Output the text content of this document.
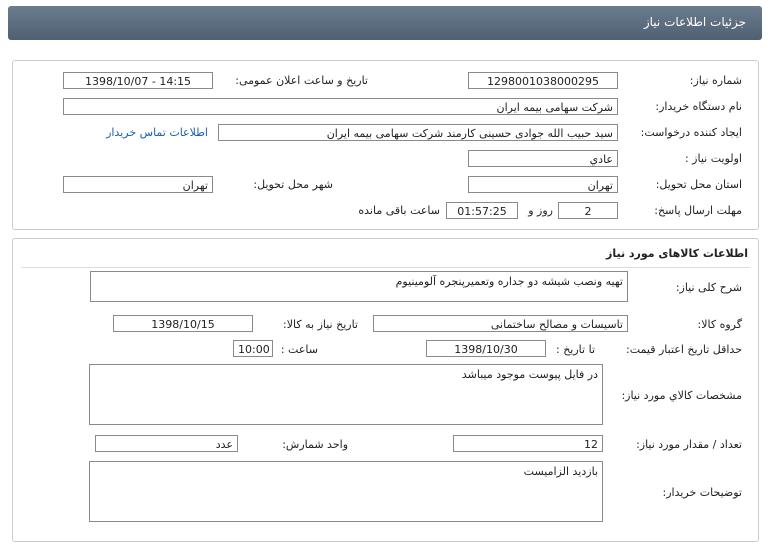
جزئیات اطلاعات نیاز
شماره نیاز:
1298001038000295
تاریخ و ساعت اعلان عمومی:
1398/10/07 - 14:15
نام دستگاه خریدار:
شرکت سهامی بیمه ایران
ایجاد کننده درخواست:
سید حبیب الله جوادی حسینی کارمند شرکت سهامی بیمه ایران
اطلاعات تماس خریدار
اولویت نیاز :
عادي
استان محل تحویل:
تهران
شهر محل تحویل:
تهران
مهلت ارسال پاسخ:
2
روز و
01:57:25
ساعت باقی مانده
اطلاعات کالاهای مورد نیاز
شرح کلی نیاز:
تهیه ونصب شیشه دو جداره وتعمیرپنجره آلومینیوم
گروه کالا:
تاسیسات و مصالح ساختمانی
تاریخ نیاز به کالا:
1398/10/15
حداقل تاریخ اعتبار قیمت:
تا تاریخ :
1398/10/30
ساعت :
10:00
مشخصات کالاي مورد نیاز:
در فایل پیوست موجود میباشد
تعداد / مقدار مورد نیاز:
12
واحد شمارش:
عدد
توضیحات خریدار:
بازدید الزامیست
